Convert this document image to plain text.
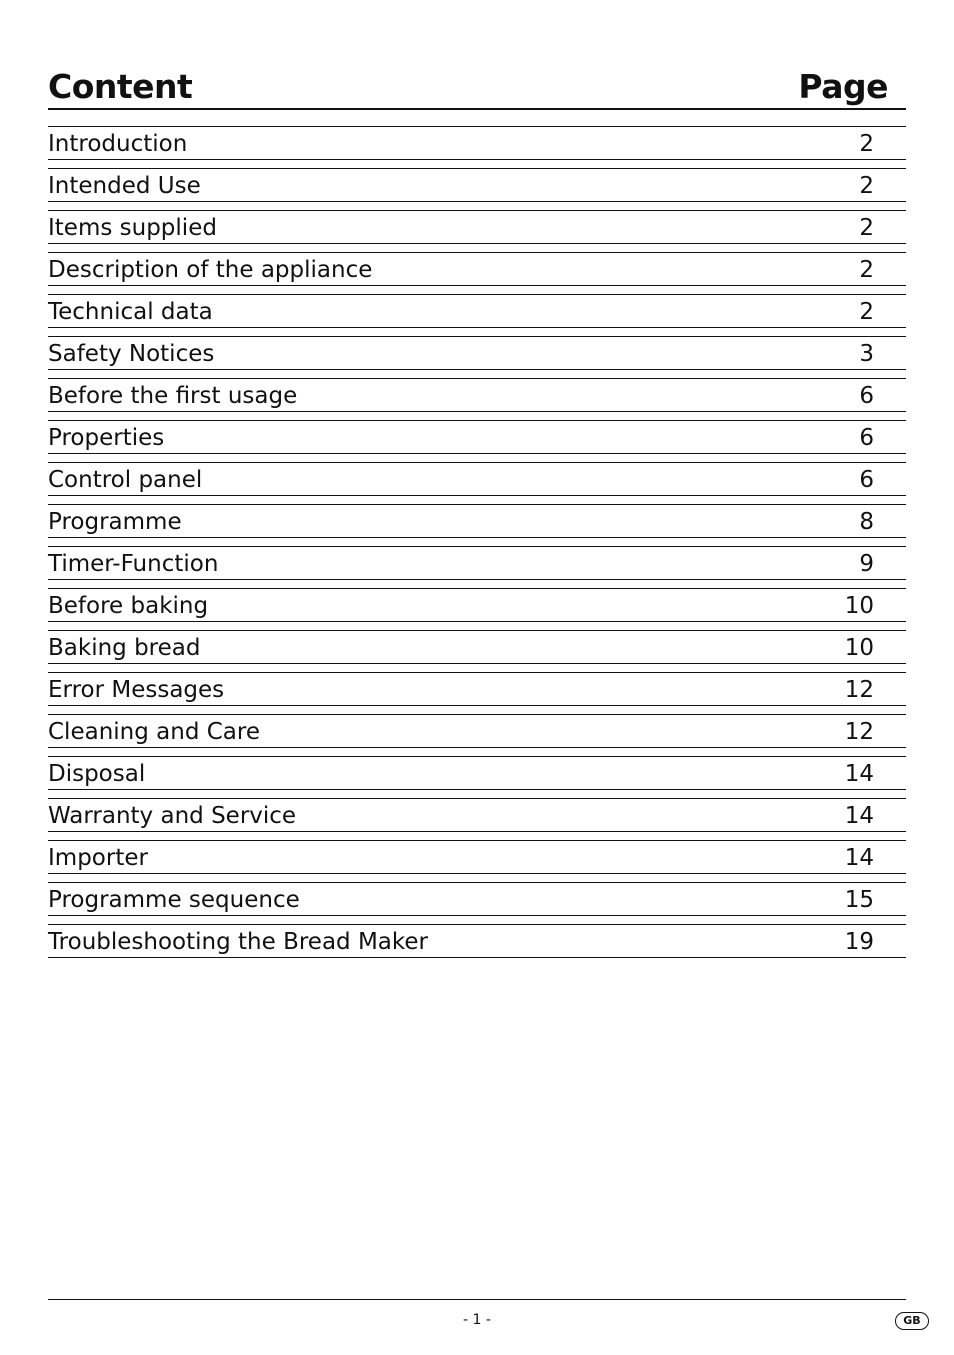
Content	Page
Introduction	2
Intended Use	2
Items supplied	2
Description of the appliance	2
Technical data	2
Safety Notices	3
Before the first usage	6
Properties	6
Control panel	6
Programme	8
Timer-Function	9
Before baking	10
Baking bread	10
Error Messages	12
Cleaning and Care	12
Disposal	14
Warranty and Service	14
Importer	14
Programme sequence	15
Troubleshooting the Bread Maker	19
- 1 -	GB
